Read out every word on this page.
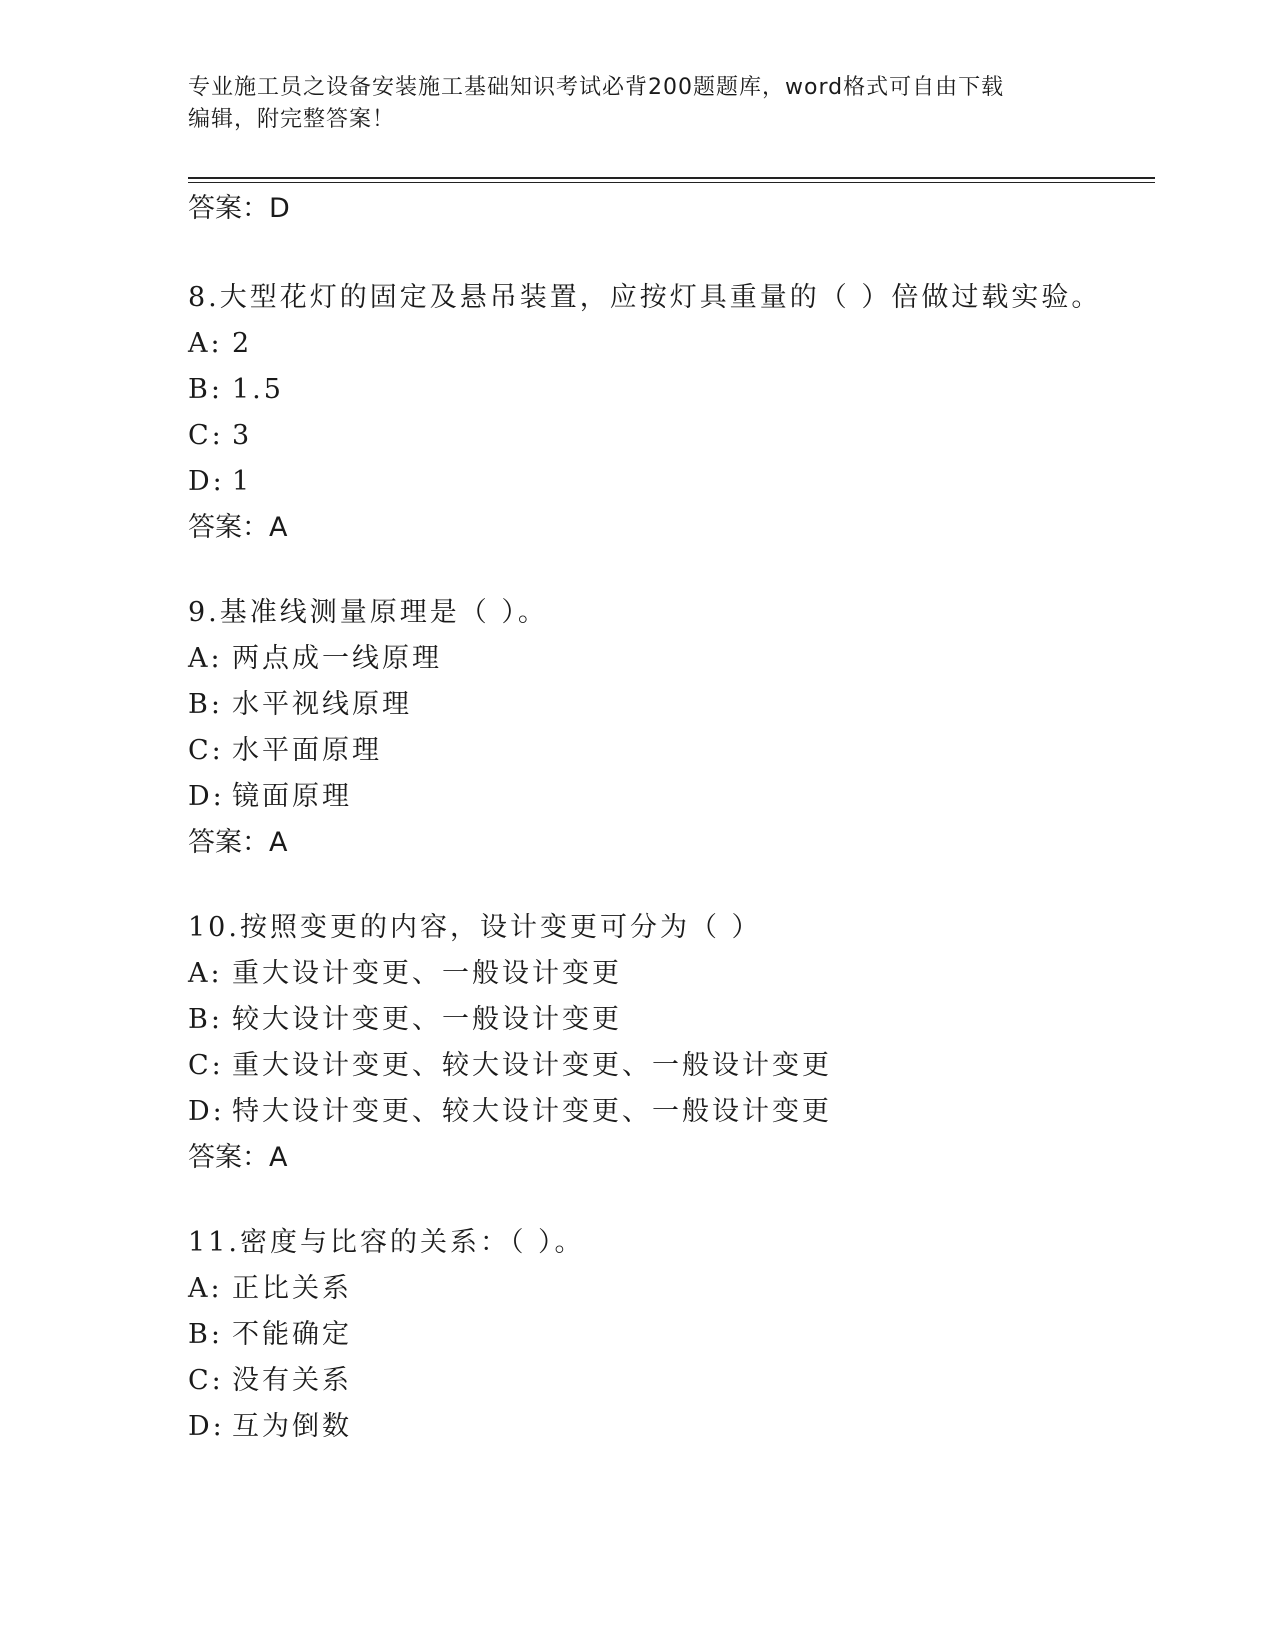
专业施工员之设备安装施工基础知识考试必背200题题库，word格式可自由下载
编辑，附完整答案！
答案：D
8.大型花灯的固定及悬吊装置，应按灯具重量的（ ）倍做过载实验。
A: 2
B: 1.5
C: 3
D: 1
答案：A
9.基准线测量原理是（ ）。
A: 两点成一线原理
B: 水平视线原理
C: 水平面原理
D: 镜面原理
答案：A
10.按照变更的内容，设计变更可分为（ ）
A: 重大设计变更、一般设计变更
B: 较大设计变更、一般设计变更
C: 重大设计变更、较大设计变更、一般设计变更
D: 特大设计变更、较大设计变更、一般设计变更
答案：A
11.密度与比容的关系：（ ）。
A: 正比关系
B: 不能确定
C: 没有关系
D: 互为倒数
